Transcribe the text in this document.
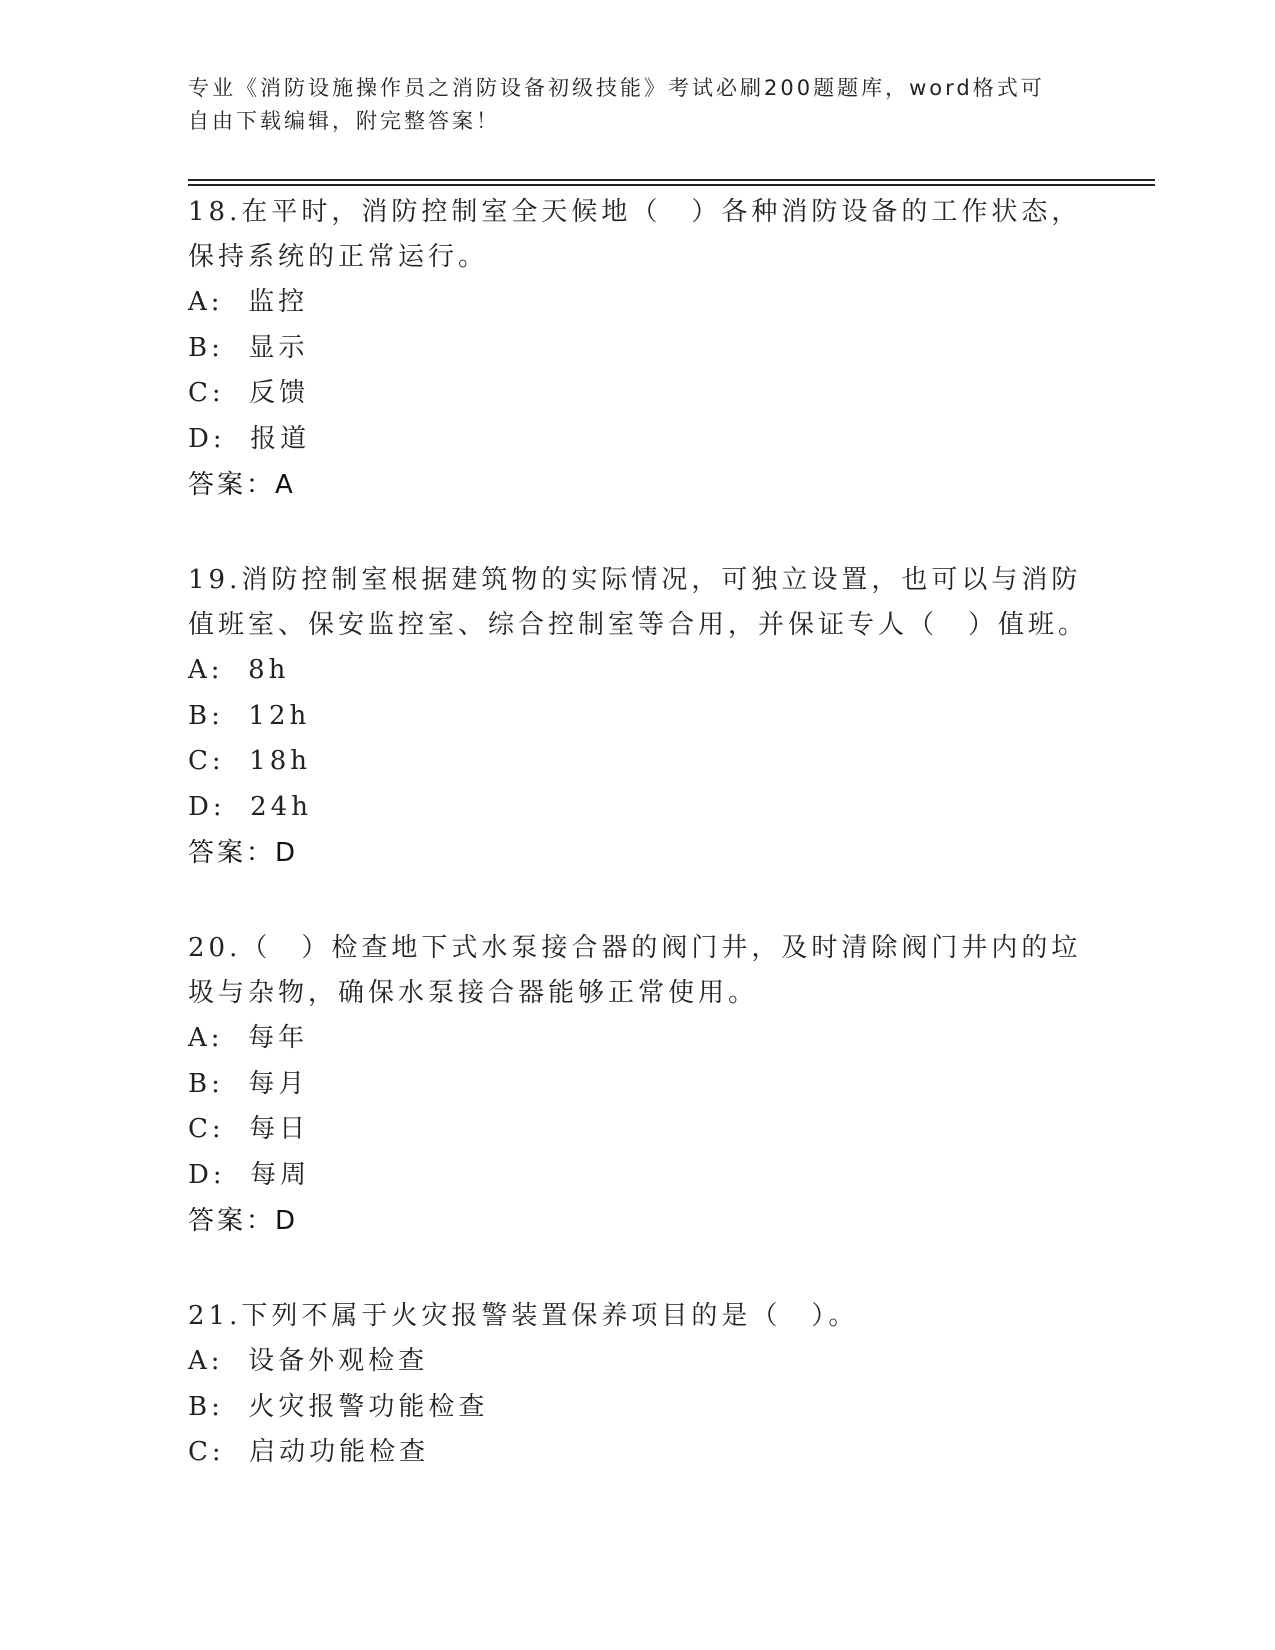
专业《消防设施操作员之消防设备初级技能》考试必刷200题题库，word格式可
自由下载编辑，附完整答案！

18.在平时，消防控制室全天候地（　）各种消防设备的工作状态，保持系统的正常运行。

A:  监控
B:  显示
C:  反馈
D:  报道
答案：A

19.消防控制室根据建筑物的实际情况，可独立设置，也可以与消防值班室、保安监控室、综合控制室等合用，并保证专人（　）值班。

A:  8h
B:  12h
C:  18h
D:  24h
答案：D

20.（　）检查地下式水泵接合器的阀门井，及时清除阀门井内的垃圾与杂物，确保水泵接合器能够正常使用。

A:  每年
B:  每月
C:  每日
D:  每周
答案：D

21.下列不属于火灾报警装置保养项目的是（　）。

A:  设备外观检查
B:  火灾报警功能检查
C:  启动功能检查
